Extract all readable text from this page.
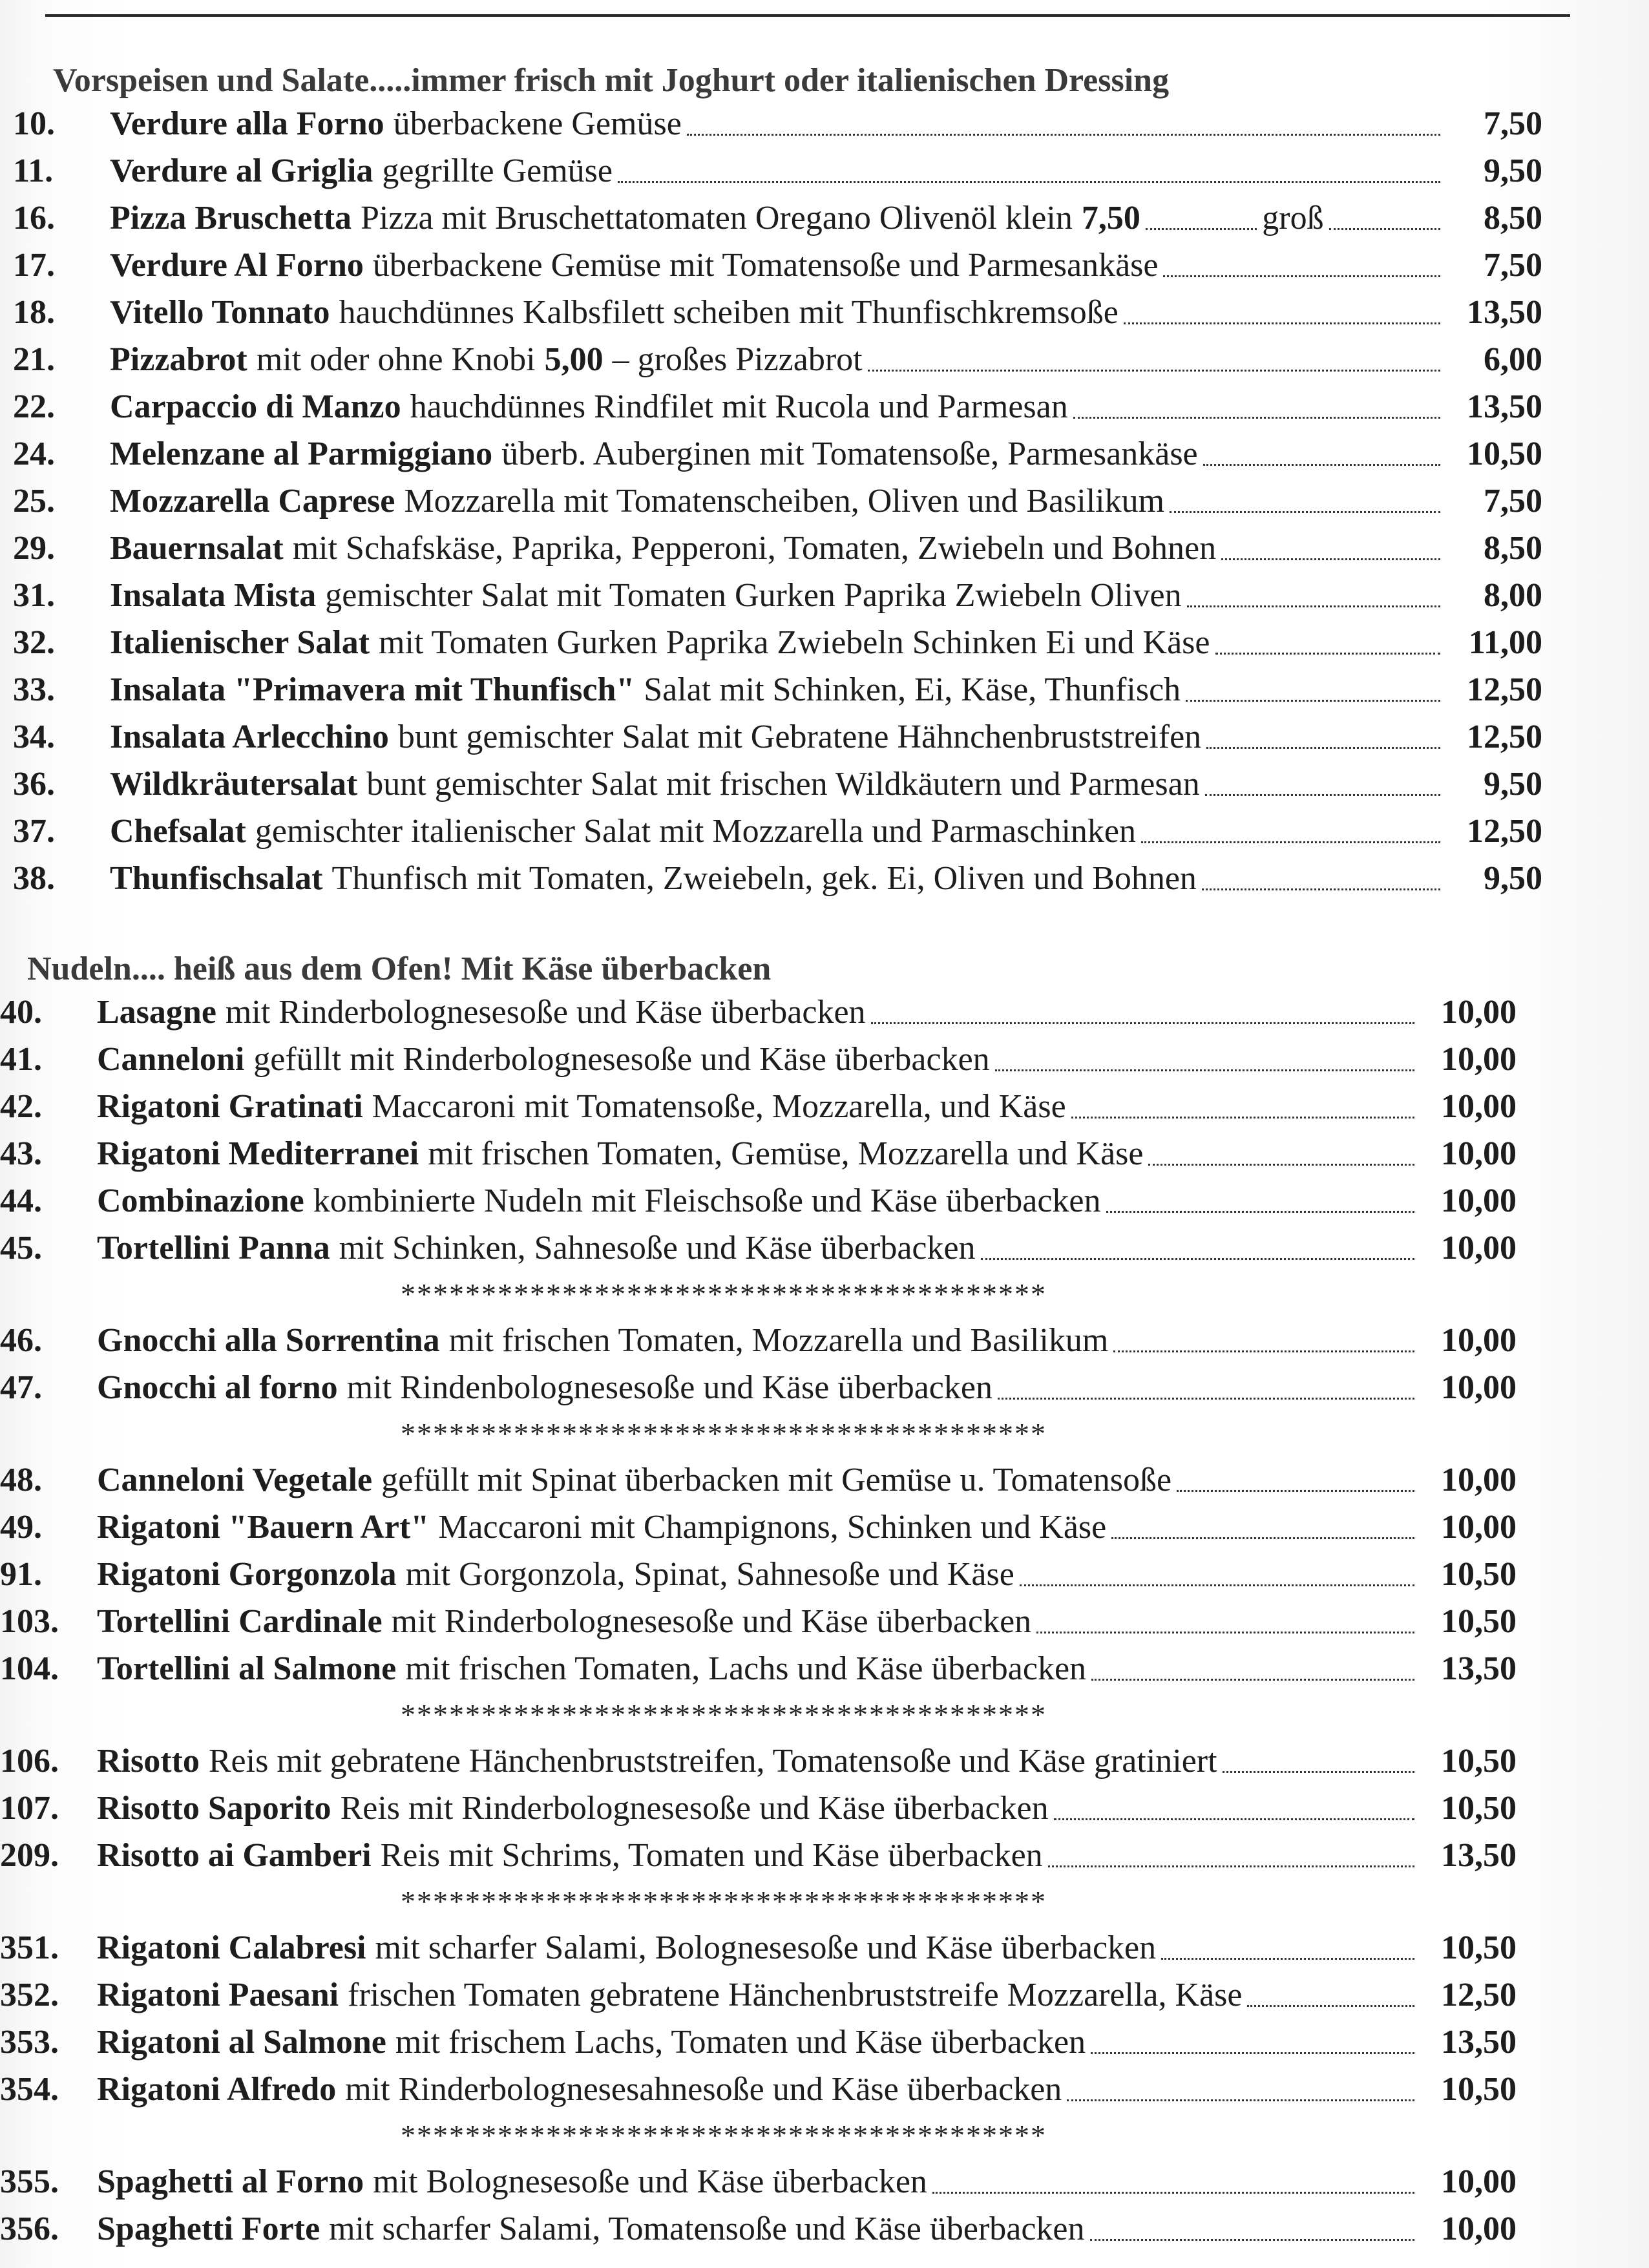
Vorspeisen und Salate.....immer frisch mit Joghurt oder italienischen Dressing
10.	Verdure alla Forno überbackene Gemüse	7,50
11.	Verdure al Griglia gegrillte Gemüse	9,50
16.	Pizza Bruschetta Pizza mit Bruschettatomaten Oregano Olivenöl klein 7,50	groß	8,50
17.	Verdure Al Forno überbackene Gemüse mit Tomatensoße und Parmesankäse	7,50
18.	Vitello Tonnato hauchdünnes Kalbsfilett scheiben mit Thunfischkremsoße	13,50
21.	Pizzabrot mit oder ohne Knobi 5,00 – großes Pizzabrot	6,00
22.	Carpaccio di Manzo hauchdünnes Rindfilet mit Rucola und Parmesan	13,50
24.	Melenzane al Parmiggiano überb. Auberginen mit Tomatensoße, Parmesankäse	10,50
25.	Mozzarella Caprese Mozzarella mit Tomatenscheiben, Oliven und Basilikum	7,50
29.	Bauernsalat mit Schafskäse, Paprika, Pepperoni, Tomaten, Zwiebeln und Bohnen	8,50
31.	Insalata Mista gemischter Salat mit Tomaten Gurken Paprika Zwiebeln Oliven	8,00
32.	Italienischer Salat mit Tomaten Gurken Paprika Zwiebeln Schinken Ei und Käse	11,00
33.	Insalata "Primavera mit Thunfisch" Salat mit Schinken, Ei, Käse, Thunfisch	12,50
34.	Insalata Arlecchino bunt gemischter Salat mit Gebratene Hähnchenbruststreifen	12,50
36.	Wildkräutersalat bunt gemischter Salat mit frischen Wildkäutern und Parmesan	9,50
37.	Chefsalat gemischter italienischer Salat mit Mozzarella und Parmaschinken	12,50
38.	Thunfischsalat Thunfisch mit Tomaten, Zweiebeln, gek. Ei, Oliven und Bohnen	9,50
Nudeln.... heiß aus dem Ofen! Mit Käse überbacken
40.	Lasagne mit Rinderbolognesesoße und Käse überbacken	10,00
41.	Canneloni gefüllt mit Rinderbolognesesoße und Käse überbacken	10,00
42.	Rigatoni Gratinati Maccaroni mit Tomatensoße, Mozzarella, und Käse	10,00
43.	Rigatoni Mediterranei mit frischen Tomaten, Gemüse, Mozzarella und Käse	10,00
44.	Combinazione kombinierte Nudeln mit Fleischsoße und Käse überbacken	10,00
45.	Tortellini Panna mit Schinken, Sahnesoße und Käse überbacken	10,00
****************************************
46.	Gnocchi alla Sorrentina mit frischen Tomaten, Mozzarella und Basilikum	10,00
47.	Gnocchi al forno mit Rindenbolognesesoße und Käse überbacken	10,00
****************************************
48.	Canneloni Vegetale gefüllt mit Spinat überbacken mit Gemüse u. Tomatensoße	10,00
49.	Rigatoni "Bauern Art" Maccaroni mit Champignons, Schinken und Käse	10,00
91.	Rigatoni Gorgonzola mit Gorgonzola, Spinat, Sahnesoße und Käse	10,50
103.	Tortellini Cardinale mit Rinderbolognesesoße und Käse überbacken	10,50
104.	Tortellini al Salmone mit frischen Tomaten, Lachs und Käse überbacken	13,50
****************************************
106.	Risotto Reis mit gebratene Hänchenbruststreifen, Tomatensoße und Käse gratiniert	10,50
107.	Risotto Saporito Reis mit Rinderbolognesesoße und Käse überbacken	10,50
209.	Risotto ai Gamberi Reis mit Schrims, Tomaten und Käse überbacken	13,50
****************************************
351.	Rigatoni Calabresi mit scharfer Salami, Bolognesesoße und Käse überbacken	10,50
352.	Rigatoni Paesani frischen Tomaten gebratene Hänchenbruststreife Mozzarella, Käse	12,50
353.	Rigatoni al Salmone mit frischem Lachs, Tomaten und Käse überbacken	13,50
354.	Rigatoni Alfredo mit Rinderbolognesesahnesoße und Käse überbacken	10,50
****************************************
355.	Spaghetti al Forno mit Bolognesesoße und Käse überbacken	10,00
356.	Spaghetti Forte mit scharfer Salami, Tomatensoße und Käse überbacken	10,00
